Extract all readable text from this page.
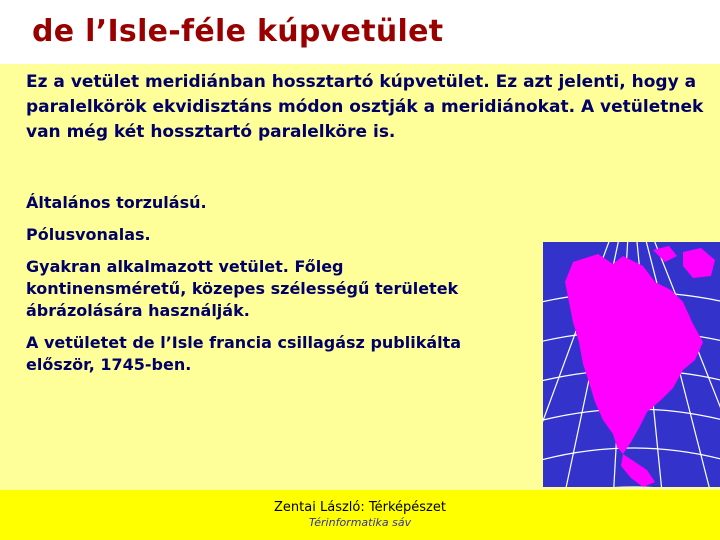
de l’Isle-féle kúpvetület
Ez a vetület meridiánban hossztartó kúpvetület. Ez azt jelenti, hogy a paralelkörök ekvidisztáns módon osztják a meridiánokat. A vetületnek van még két hossztartó paralelköre is.
Általános torzulású.
Pólusvonalas.
Gyakran alkalmazott vetület. Főleg kontinensméretű, közepes szélességű területek ábrázolására használják.
A vetületet de l’Isle francia csillagász publikálta először, 1745-ben.
Zentai László: Térképészet
Térinformatika sáv
